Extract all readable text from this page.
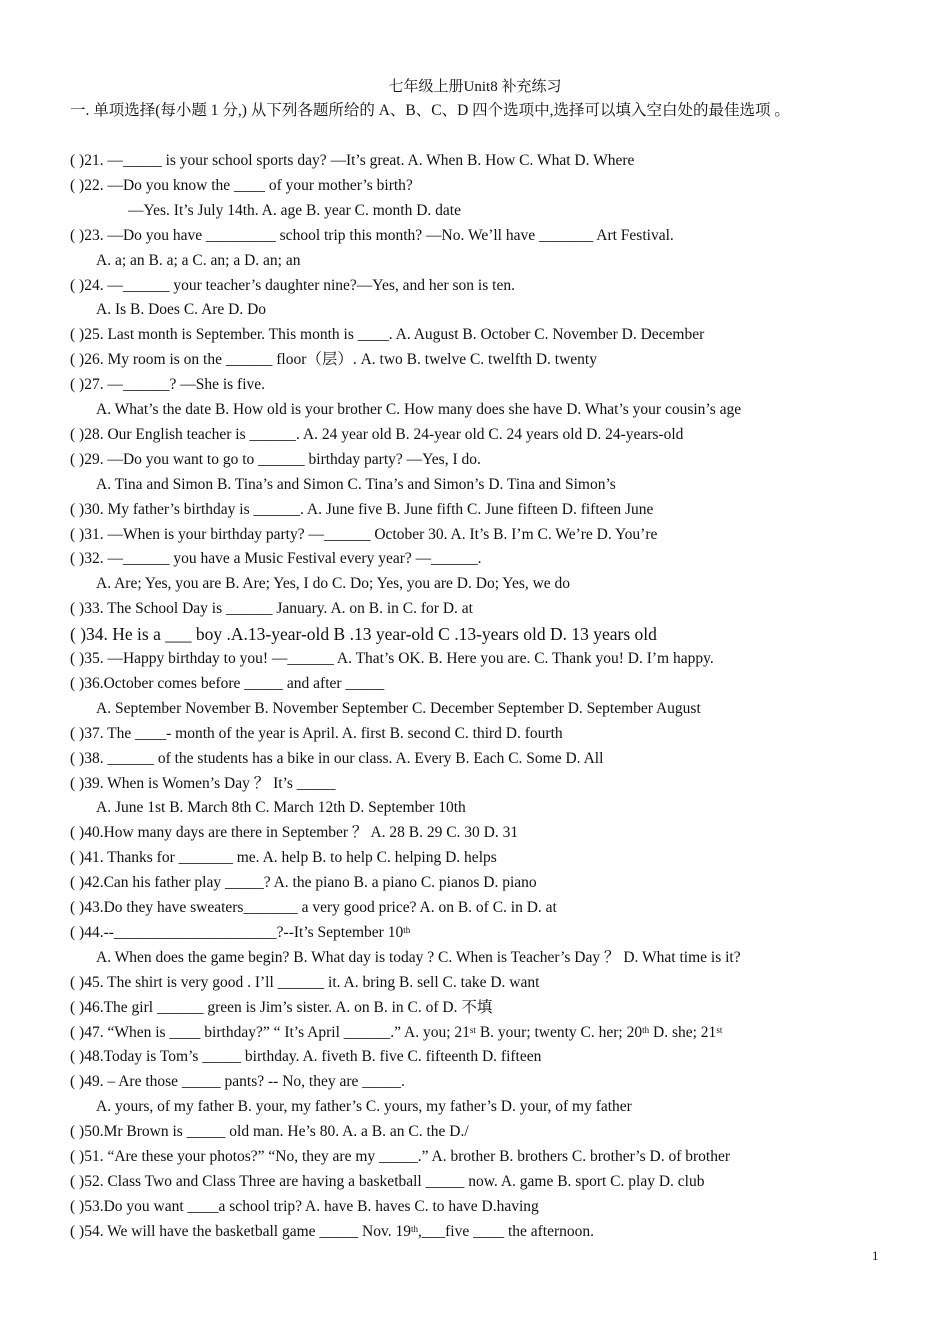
七年级上册Unit8 补充练习
一. 单项选择(每小题 1 分,) 从下列各题所给的 A、B、C、D 四个选项中,选择可以填入空白处的最佳选项 。
( )21. —_____ is your school sports day? —It’s great. A. When B. How C. What D. Where
( )22. —Do you know the ____ of your mother’s birth?
—Yes. It’s July 14th. A. age B. year C. month D. date
( )23. —Do you have _________ school trip this month? —No. We’ll have _______ Art Festival.
A. a; an B. a; a C. an; a D. an; an
( )24. —______ your teacher’s daughter nine?—Yes, and her son is ten.
A. Is B. Does C. Are D. Do
( )25. Last month is September. This month is ____. A. August B. October C. November D. December
( )26. My room is on the ______ floor（层）. A. two B. twelve C. twelfth D. twenty
( )27. —______? —She is five.
A. What’s the date B. How old is your brother C. How many does she have D. What’s your cousin’s age
( )28. Our English teacher is ______. A. 24 year old B. 24-year old C. 24 years old D. 24-years-old
( )29. —Do you want to go to ______ birthday party? —Yes, I do.
A. Tina and Simon B. Tina’s and Simon C. Tina’s and Simon’s D. Tina and Simon’s
( )30. My father’s birthday is ______. A. June five B. June fifth C. June fifteen D. fifteen June
( )31. —When is your birthday party? —______ October 30. A. It’s B. I’m C. We’re D. You’re
( )32. —______ you have a Music Festival every year? —______.
A. Are; Yes, you are B. Are; Yes, I do C. Do; Yes, you are D. Do; Yes, we do
( )33. The School Day is ______ January. A. on B. in C. for D. at
( )34. He is a ___ boy .A.13-year-old B .13 year-old C .13-years old D. 13 years old
( )35. —Happy birthday to you! —______ A. That’s OK. B. Here you are. C. Thank you! D. I’m happy.
( )36.October comes before _____ and after _____
A. September November B. November September C. December September D. September August
( )37. The ____- month of the year is April. A. first B. second C. third D. fourth
( )38. ______ of the students has a bike in our class. A. Every B. Each C. Some D. All
( )39. When is Women’s Day ？ It’s _____
A. June 1st B. March 8th C. March 12th D. September 10th
( )40.How many days are there in September ？ A. 28 B. 29 C. 30 D. 31
( )41. Thanks for _______ me. A. help B. to help C. helping D. helps
( )42.Can his father play _____? A. the piano B. a piano C. pianos D. piano
( )43.Do they have sweaters_______ a very good price? A. on B. of C. in D. at
( )44.--_____________________?--It’s September 10th
A. When does the game begin? B. What day is today ? C. When is Teacher’s Day ？ D. What time is it?
( )45. The shirt is very good . I’ll ______ it. A. bring B. sell C. take D. want
( )46.The girl ______ green is Jim’s sister. A. on B. in C. of D. 不填
( )47. “When is ____ birthday?” “ It’s April ______.” A. you; 21st B. your; twenty C. her; 20th D. she; 21st
( )48.Today is Tom’s _____ birthday. A. fiveth B. five C. fifteenth D. fifteen
( )49. – Are those _____ pants? -- No, they are _____.
A. yours, of my father B. your, my father’s C. yours, my father’s D. your, of my father
( )50.Mr Brown is _____ old man. He’s 80. A. a B. an C. the D./
( )51. “Are these your photos?” “No, they are my _____.” A. brother B. brothers C. brother’s D. of brother
( )52. Class Two and Class Three are having a basketball _____ now. A. game B. sport C. play D. club
( )53.Do you want ____a school trip? A. have B. haves C. to have D.having
( )54. We will have the basketball game _____ Nov. 19th,___five ____ the afternoon.
1
